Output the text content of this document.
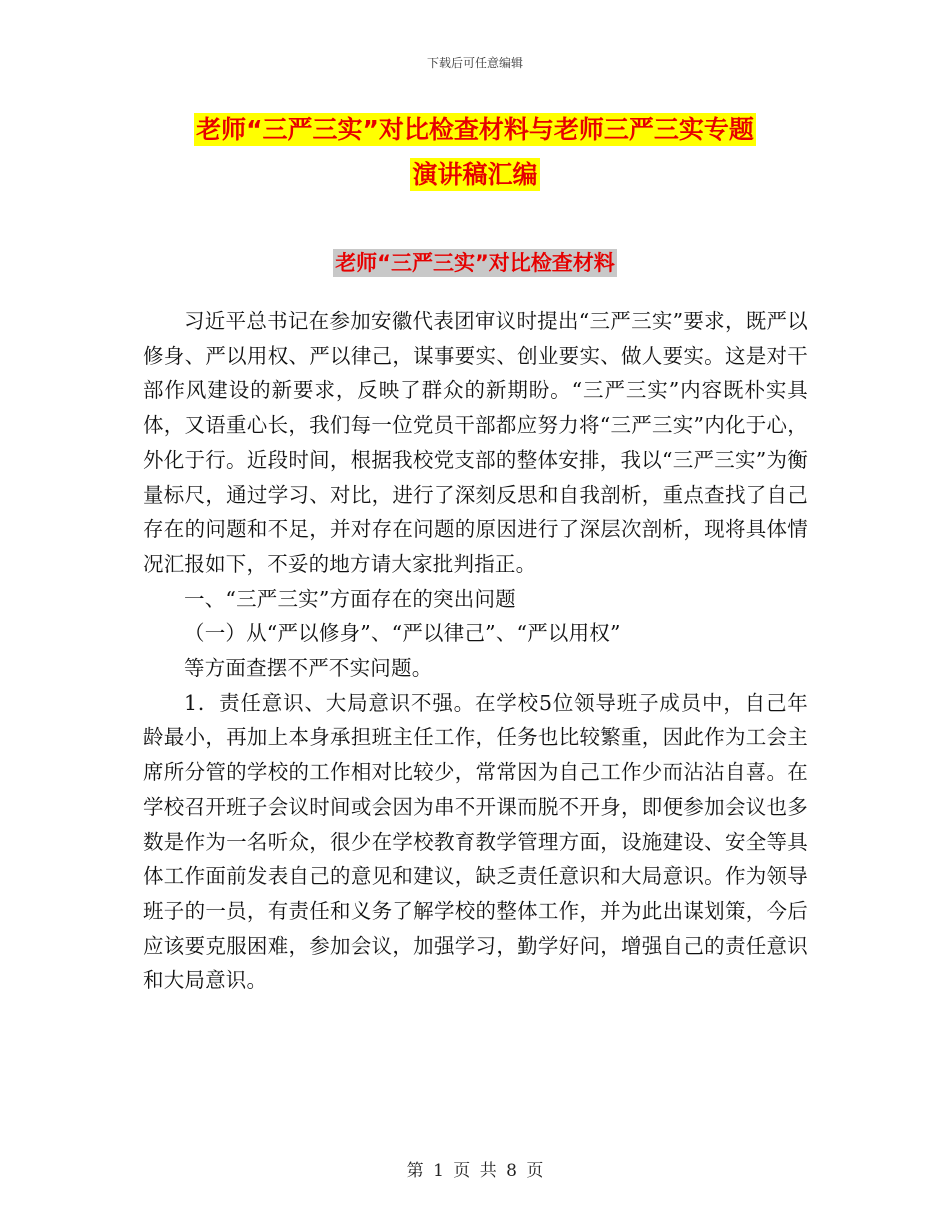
下载后可任意编辑
老师“三严三实”对比检查材料与老师三严三实专题
演讲稿汇编
老师“三严三实”对比检查材料

习近平总书记在参加安徽代表团审议时提出“三严三实”要求，既严以修身、严以用权、严以律己，谋事要实、创业要实、做人要实。这是对干部作风建设的新要求，反映了群众的新期盼。“三严三实”内容既朴实具体，又语重心长，我们每一位党员干部都应努力将“三严三实”内化于心，外化于行。近段时间，根据我校党支部的整体安排，我以“三严三实”为衡量标尺，通过学习、对比，进行了深刻反思和自我剖析，重点查找了自己存在的问题和不足，并对存在问题的原因进行了深层次剖析，现将具体情况汇报如下，不妥的地方请大家批判指正。

一、“三严三实”方面存在的突出问题

（一）从“严以修身”、“严以律己”、“严以用权”

等方面查摆不严不实问题。

1．责任意识、大局意识不强。在学校5位领导班子成员中，自己年龄最小，再加上本身承担班主任工作，任务也比较繁重，因此作为工会主席所分管的学校的工作相对比较少，常常因为自己工作少而沾沾自喜。在学校召开班子会议时间或会因为串不开课而脱不开身，即便参加会议也多数是作为一名听众，很少在学校教育教学管理方面，设施建设、安全等具体工作面前发表自己的意见和建议，缺乏责任意识和大局意识。作为领导班子的一员，有责任和义务了解学校的整体工作，并为此出谋划策，今后应该要克服困难，参加会议，加强学习，勤学好问，增强自己的责任意识和大局意识。

第 1 页 共 8 页
